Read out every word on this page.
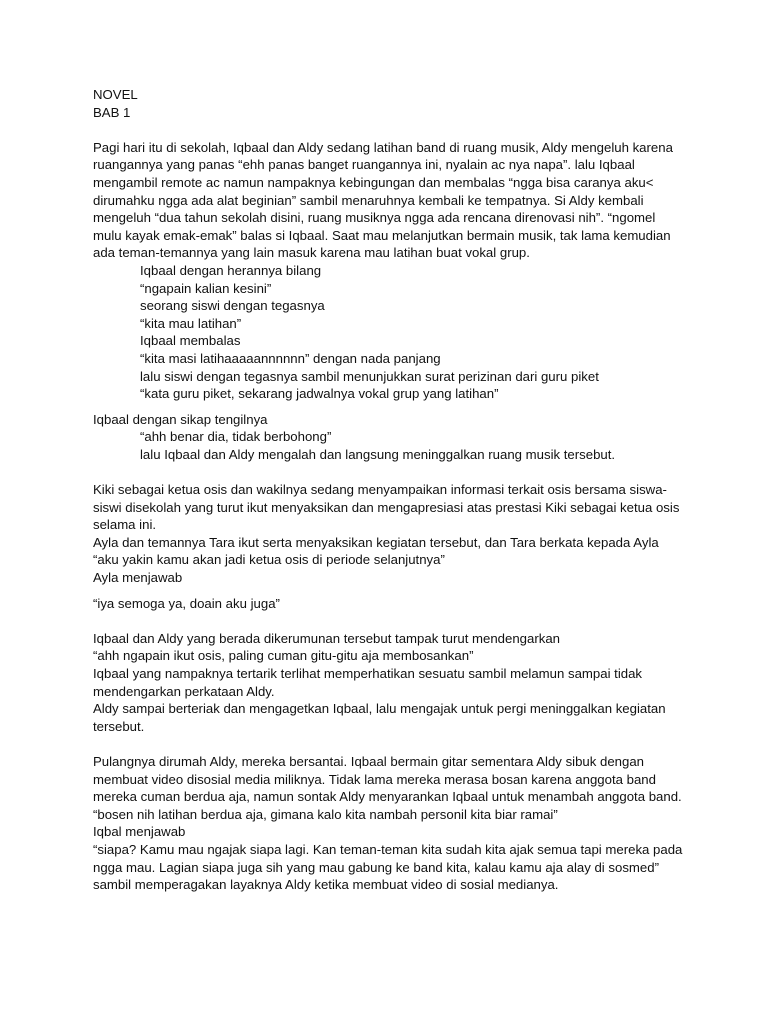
NOVEL
BAB 1
Pagi hari itu di sekolah, Iqbaal dan Aldy sedang latihan band di ruang musik, Aldy mengeluh karena
ruangannya yang panas “ehh panas banget ruangannya ini, nyalain ac nya napa”. lalu Iqbaal
mengambil remote ac namun nampaknya kebingungan dan membalas “ngga bisa caranya aku<
dirumahku ngga ada alat beginian” sambil menaruhnya kembali ke tempatnya. Si Aldy kembali
mengeluh “dua tahun sekolah disini, ruang musiknya ngga ada rencana direnovasi nih”. “ngomel
mulu kayak emak-emak” balas si Iqbaal. Saat mau melanjutkan bermain musik, tak lama kemudian
ada teman-temannya yang lain masuk karena mau latihan buat vokal grup.
Iqbaal dengan herannya bilang
“ngapain kalian kesini”
seorang siswi dengan tegasnya
“kita mau latihan”
Iqbaal membalas
“kita masi latihaaaaannnnnn” dengan nada panjang
lalu siswi dengan tegasnya sambil menunjukkan surat perizinan dari guru piket
“kata guru piket, sekarang jadwalnya vokal grup yang latihan”
Iqbaal dengan sikap tengilnya
“ahh benar dia, tidak berbohong”
lalu Iqbaal dan Aldy mengalah dan langsung meninggalkan ruang musik tersebut.
Kiki sebagai ketua osis dan wakilnya sedang menyampaikan informasi terkait osis bersama siswa-
siswi disekolah yang turut ikut menyaksikan dan mengapresiasi atas prestasi Kiki sebagai ketua osis
selama ini.
Ayla dan temannya Tara ikut serta menyaksikan kegiatan tersebut, dan Tara berkata kepada Ayla
“aku yakin kamu akan jadi ketua osis di periode selanjutnya”
Ayla menjawab
“iya semoga ya, doain aku juga”
Iqbaal dan Aldy yang berada dikerumunan tersebut tampak turut mendengarkan
“ahh ngapain ikut osis, paling cuman gitu-gitu aja membosankan”
Iqbaal yang nampaknya tertarik terlihat memperhatikan sesuatu sambil melamun sampai tidak
mendengarkan perkataan Aldy.
Aldy sampai berteriak dan mengagetkan Iqbaal, lalu mengajak untuk pergi meninggalkan kegiatan
tersebut.
Pulangnya dirumah Aldy, mereka bersantai. Iqbaal bermain gitar sementara Aldy sibuk dengan
membuat video disosial media miliknya. Tidak lama mereka merasa bosan karena anggota band
mereka cuman berdua aja, namun sontak Aldy menyarankan Iqbaal untuk menambah anggota band.
“bosen nih latihan berdua aja, gimana kalo kita nambah personil kita biar ramai”
Iqbal menjawab
“siapa? Kamu mau ngajak siapa lagi. Kan teman-teman kita sudah kita ajak semua tapi mereka pada
ngga mau. Lagian siapa juga sih yang mau gabung ke band kita, kalau kamu aja alay di sosmed”
sambil memperagakan layaknya Aldy ketika membuat video di sosial medianya.
